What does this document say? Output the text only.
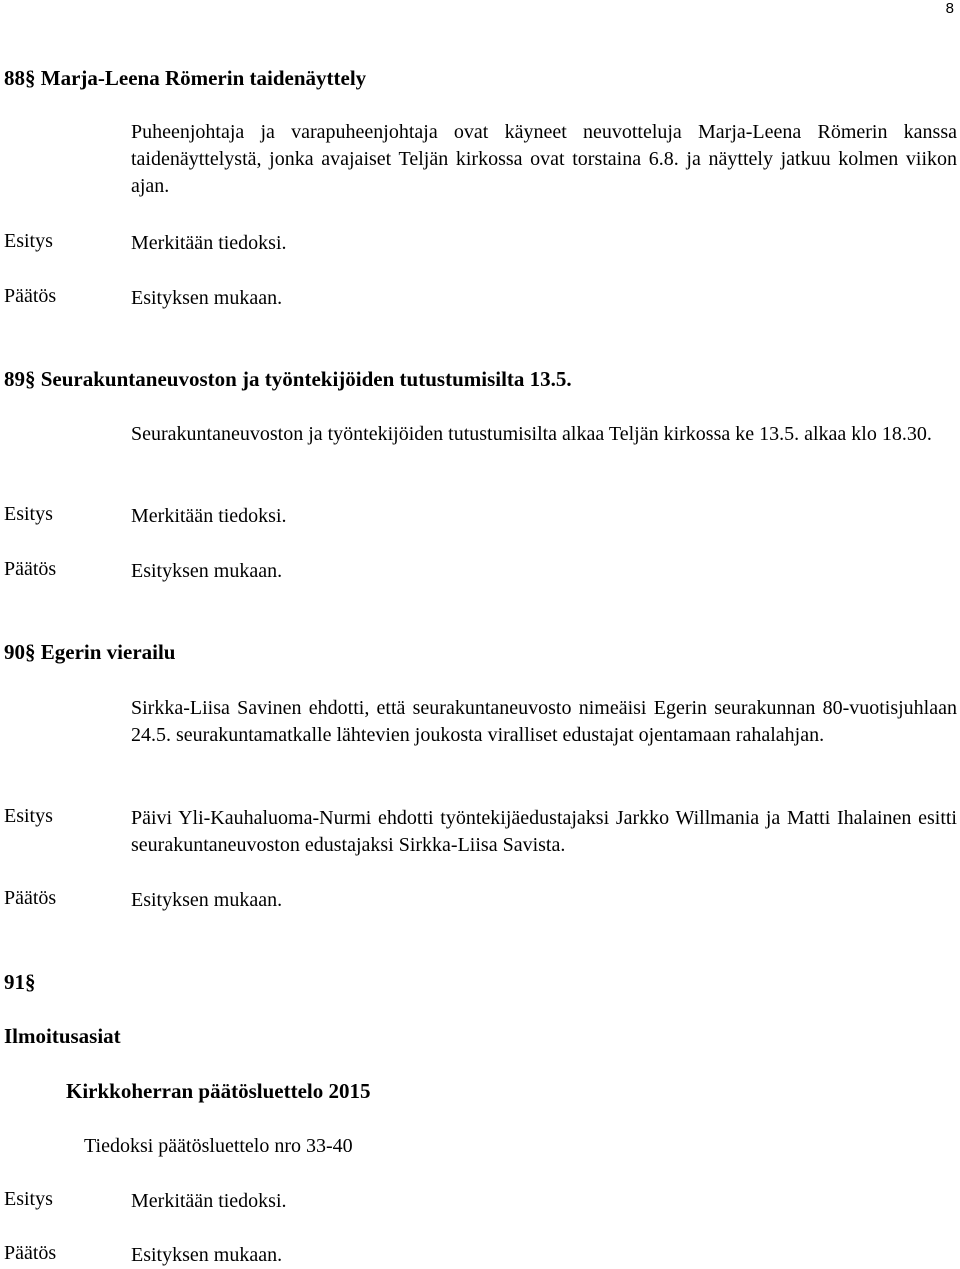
8
88§ Marja-Leena Römerin taidenäyttely
Puheenjohtaja ja varapuheenjohtaja ovat käyneet neuvotteluja Marja-Leena Römerin kanssa taidenäyttelystä, jonka avajaiset Teljän kirkossa ovat torstaina 6.8. ja näyttely jatkuu kolmen viikon ajan.
Esitys	Merkitään tiedoksi.
Päätös	Esityksen mukaan.
89§ Seurakuntaneuvoston ja työntekijöiden tutustumisilta 13.5.
Seurakuntaneuvoston ja työntekijöiden tutustumisilta alkaa Teljän kirkossa ke 13.5. alkaa klo 18.30.
Esitys	Merkitään tiedoksi.
Päätös	Esityksen mukaan.
90§ Egerin vierailu
Sirkka-Liisa Savinen ehdotti, että seurakuntaneuvosto nimeäisi Egerin seurakunnan 80-vuotisjuhlaan 24.5. seurakuntamatkalle lähtevien joukosta viralliset edustajat ojentamaan rahalahjan.
Esitys	Päivi Yli-Kauhaluoma-Nurmi ehdotti työntekijäedustajaksi Jarkko Willmania ja Matti Ihalainen esitti seurakuntaneuvoston edustajaksi Sirkka-Liisa Savista.
Päätös	Esityksen mukaan.
91§
Ilmoitusasiat
Kirkkoherran päätösluettelo 2015
Tiedoksi päätösluettelo nro 33-40
Esitys	Merkitään tiedoksi.
Päätös	Esityksen mukaan.
